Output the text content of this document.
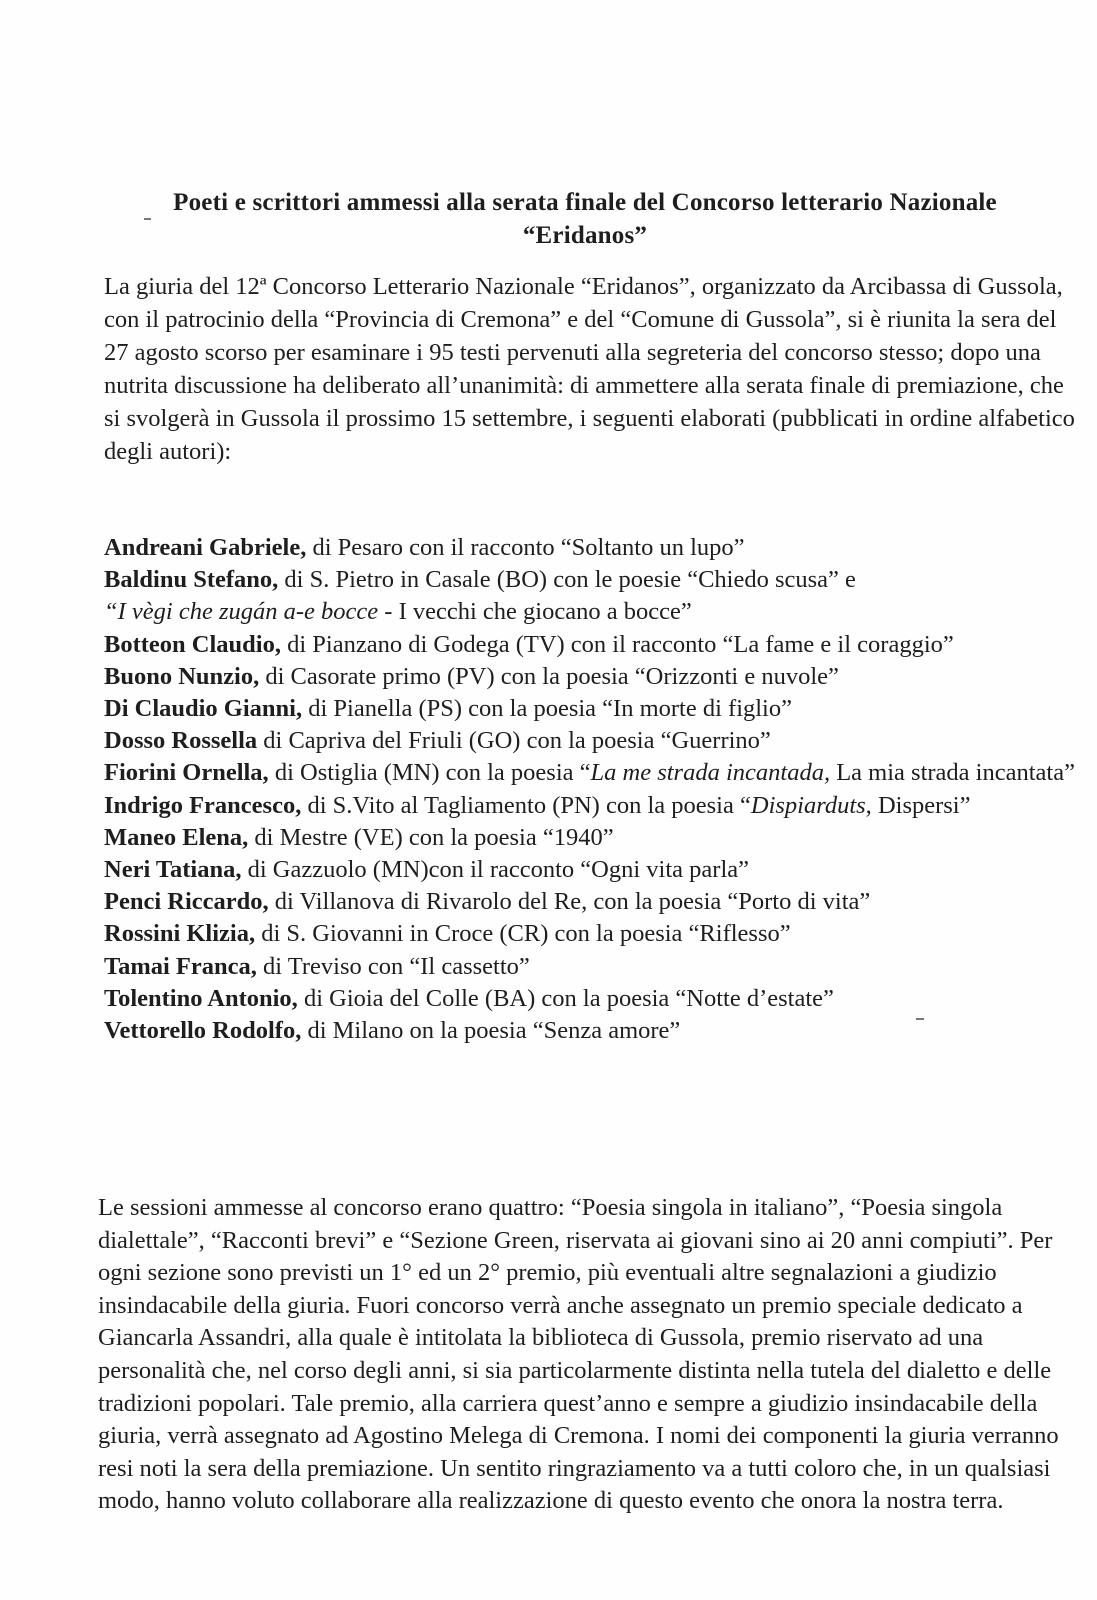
Poeti e scrittori ammessi alla serata finale del Concorso letterario Nazionale
“Eridanos”
La giuria del 12ª Concorso Letterario Nazionale “Eridanos”, organizzato da Arcibassa di Gussola, con il patrocinio della “Provincia di Cremona” e del “Comune di Gussola”, si è riunita la sera del 27 agosto scorso per esaminare i 95 testi pervenuti alla segreteria del concorso stesso; dopo una nutrita discussione ha deliberato all’unanimità: di ammettere alla serata finale di premiazione, che si svolgerà in Gussola il prossimo 15 settembre, i seguenti elaborati (pubblicati in ordine alfabetico degli autori):
Andreani Gabriele, di Pesaro con il racconto “Soltanto un lupo”
Baldinu Stefano, di S. Pietro in Casale (BO) con le poesie “Chiedo scusa” e
“I vègi che zugán a-e bocce - I vecchi che giocano a bocce”
Botteon Claudio, di Pianzano di Godega (TV) con il racconto “La fame e il coraggio”
Buono Nunzio, di Casorate primo (PV) con la poesia “Orizzonti e nuvole”
Di Claudio Gianni, di Pianella (PS) con la poesia “In morte di figlio”
Dosso Rossella di Capriva del Friuli (GO) con la poesia “Guerrino”
Fiorini Ornella, di Ostiglia (MN) con la poesia “La me strada incantada, La mia strada incantata”
Indrigo Francesco, di S.Vito al Tagliamento (PN) con la poesia “Dispiarduts, Dispersi”
Maneo Elena, di Mestre (VE) con la poesia “1940”
Neri Tatiana, di Gazzuolo (MN)con il racconto “Ogni vita parla”
Penci Riccardo, di Villanova di Rivarolo del Re, con la poesia “Porto di vita”
Rossini Klizia, di S. Giovanni in Croce (CR) con la poesia “Riflesso”
Tamai Franca, di Treviso con “Il cassetto”
Tolentino Antonio, di Gioia del Colle (BA) con la poesia “Notte d’estate”
Vettorello Rodolfo, di Milano on la poesia “Senza amore”
Le sessioni ammesse al concorso erano quattro: “Poesia singola in italiano”, “Poesia singola dialettale”, “Racconti brevi” e “Sezione Green, riservata ai giovani sino ai 20 anni compiuti”. Per ogni sezione sono previsti un 1° ed un 2° premio, più eventuali altre segnalazioni a giudizio insindacabile della giuria. Fuori concorso verrà anche assegnato un premio speciale dedicato a Giancarla Assandri, alla quale è intitolata la biblioteca di Gussola, premio riservato ad una personalità che, nel corso degli anni, si sia particolarmente distinta nella tutela del dialetto e delle tradizioni popolari. Tale premio, alla carriera quest’anno e sempre a giudizio insindacabile della giuria, verrà assegnato ad Agostino Melega di Cremona. I nomi dei componenti la giuria verranno resi noti la sera della premiazione. Un sentito ringraziamento va a tutti coloro che, in un qualsiasi modo, hanno voluto collaborare alla realizzazione di questo evento che onora la nostra terra.
